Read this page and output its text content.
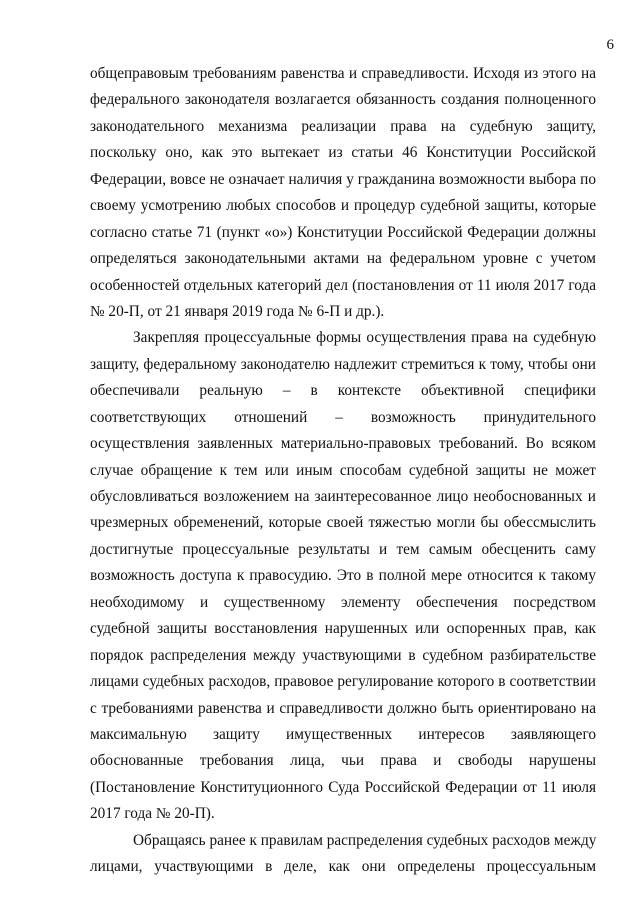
6
общеправовым требованиям равенства и справедливости. Исходя из этого на
федерального законодателя возлагается обязанность создания полноценного
законодательного механизма реализации права на судебную защиту,
поскольку оно, как это вытекает из статьи 46 Конституции Российской
Федерации, вовсе не означает наличия у гражданина возможности выбора по
своему усмотрению любых способов и процедур судебной защиты, которые
согласно статье 71 (пункт «о») Конституции Российской Федерации должны
определяться законодательными актами на федеральном уровне с учетом
особенностей отдельных категорий дел (постановления от 11 июля 2017 года
№ 20-П, от 21 января 2019 года № 6-П и др.).
Закрепляя процессуальные формы осуществления права на судебную
защиту, федеральному законодателю надлежит стремиться к тому, чтобы они
обеспечивали реальную – в контексте объективной специфики
соответствующих отношений – возможность принудительного
осуществления заявленных материально-правовых требований. Во всяком
случае обращение к тем или иным способам судебной защиты не может
обусловливаться возложением на заинтересованное лицо необоснованных и
чрезмерных обременений, которые своей тяжестью могли бы обессмыслить
достигнутые процессуальные результаты и тем самым обесценить саму
возможность доступа к правосудию. Это в полной мере относится к такому
необходимому и существенному элементу обеспечения посредством
судебной защиты восстановления нарушенных или оспоренных прав, как
порядок распределения между участвующими в судебном разбирательстве
лицами судебных расходов, правовое регулирование которого в соответствии
с требованиями равенства и справедливости должно быть ориентировано на
максимальную защиту имущественных интересов заявляющего
обоснованные требования лица, чьи права и свободы нарушены
(Постановление Конституционного Суда Российской Федерации от 11 июля
2017 года № 20-П).
Обращаясь ранее к правилам распределения судебных расходов между
лицами, участвующими в деле, как они определены процессуальным
